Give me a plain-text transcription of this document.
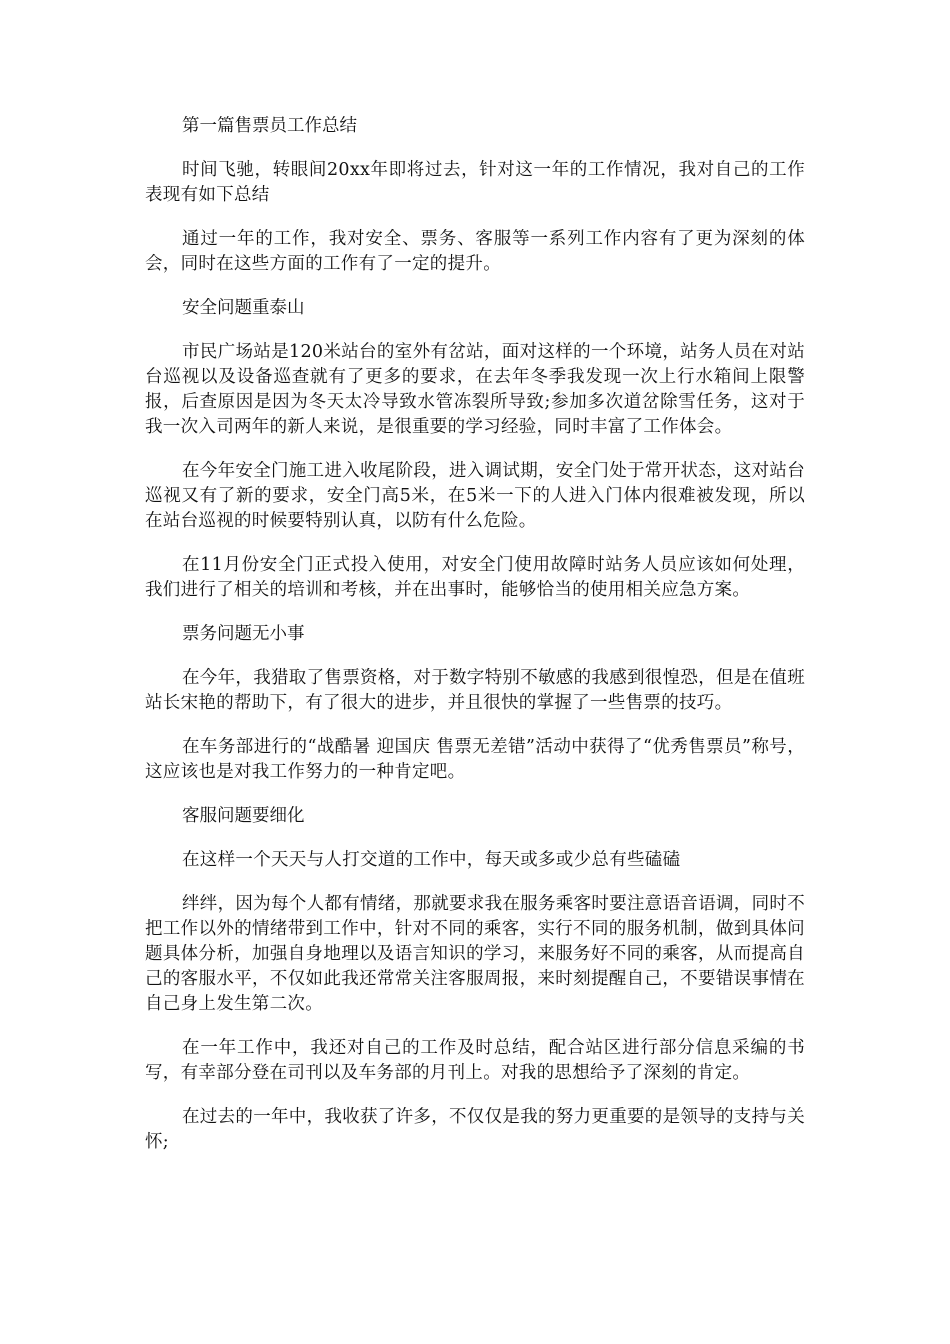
第一篇售票员工作总结

时间飞驰，转眼间20xx年即将过去，针对这一年的工作情况，我对自己的工作表现有如下总结

通过一年的工作，我对安全、票务、客服等一系列工作内容有了更为深刻的体会，同时在这些方面的工作有了一定的提升。

安全问题重泰山

市民广场站是120米站台的室外有岔站，面对这样的一个环境，站务人员在对站台巡视以及设备巡查就有了更多的要求，在去年冬季我发现一次上行水箱间上限警报，后查原因是因为冬天太冷导致水管冻裂所导致;参加多次道岔除雪任务，这对于我一次入司两年的新人来说，是很重要的学习经验，同时丰富了工作体会。

在今年安全门施工进入收尾阶段，进入调试期，安全门处于常开状态，这对站台巡视又有了新的要求，安全门高5米，在5米一下的人进入门体内很难被发现，所以在站台巡视的时候要特别认真，以防有什么危险。

在11月份安全门正式投入使用，对安全门使用故障时站务人员应该如何处理，我们进行了相关的培训和考核，并在出事时，能够恰当的使用相关应急方案。

票务问题无小事

在今年，我猎取了售票资格，对于数字特别不敏感的我感到很惶恐，但是在值班站长宋艳的帮助下，有了很大的进步，并且很快的掌握了一些售票的技巧。

在车务部进行的“战酷暑 迎国庆 售票无差错”活动中获得了“优秀售票员”称号，这应该也是对我工作努力的一种肯定吧。

客服问题要细化

在这样一个天天与人打交道的工作中，每天或多或少总有些磕磕

绊绊，因为每个人都有情绪，那就要求我在服务乘客时要注意语音语调，同时不把工作以外的情绪带到工作中，针对不同的乘客，实行不同的服务机制，做到具体问题具体分析，加强自身地理以及语言知识的学习，来服务好不同的乘客，从而提高自己的客服水平，不仅如此我还常常关注客服周报，来时刻提醒自己，不要错误事情在自己身上发生第二次。

在一年工作中，我还对自己的工作及时总结，配合站区进行部分信息采编的书写，有幸部分登在司刊以及车务部的月刊上。对我的思想给予了深刻的肯定。

在过去的一年中，我收获了许多，不仅仅是我的努力更重要的是领导的支持与关怀;
